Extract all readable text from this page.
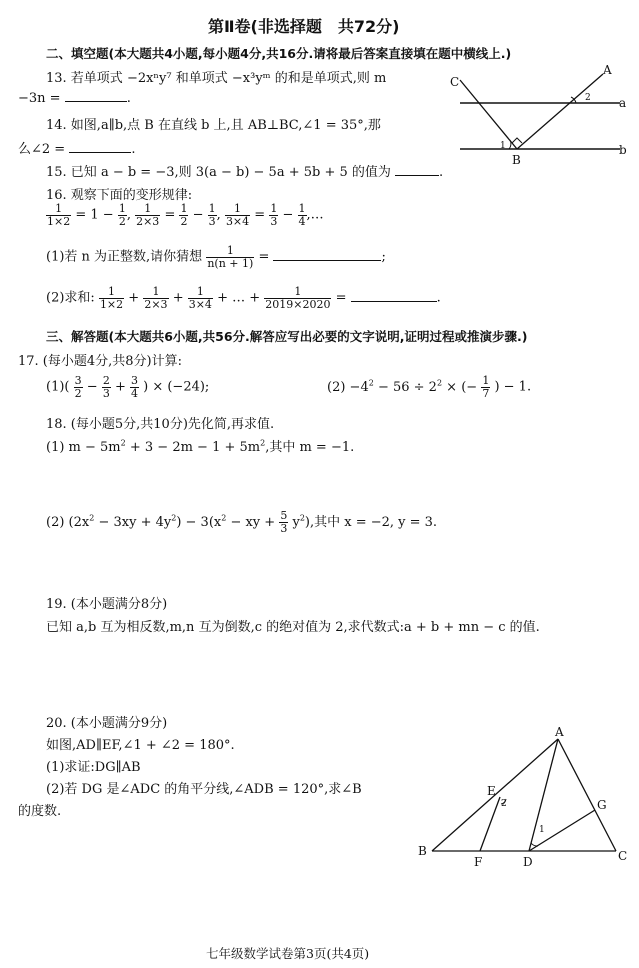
第Ⅱ卷(非选择题　共72分)
二、填空题(本大题共4小题,每小题4分,共16分.请将最后答案直接填在题中横线上.)
13. 若单项式 −2xⁿy⁷ 和单项式 −x³yᵐ 的和是单项式,则 m
−3n =	.
14. 如图,a∥b,点 B 在直线 b 上,且 AB⊥BC,∠1 = 35°,那
么∠2 =	.
15. 已知 a − b = −3,则 3(a − b) − 5a + 5b + 5 的值为	.
16. 观察下面的变形规律:
$\frac{1}{1\times 2} = 1 - \frac{1}{2}$ , $\frac{1}{2\times 3} = \frac{1}{2} - \frac{1}{3}$ , $\frac{1}{3\times 4} = \frac{1}{3} - \frac{1}{4}$ ,…
(1)若 n 为正整数,请你猜想 $\frac{1}{n(n + 1)}$ =	;
(2)求和: $\frac{1}{1\times 2} + \frac{1}{2\times 3} + \frac{1}{3\times 4}$ + … + $\frac{1}{2019\times 2020}$ =	.
三、解答题(本大题共6小题,共56分.解答应写出必要的文字说明,证明过程或推演步骤.)
17. (每小题4分,共8分)计算:
$(1)( \frac{3}{2} - \frac{2}{3} + \frac{3}{4}$ ) × (−24);	$(2) -4^2 - 56 \div 2^2$ × (− $\frac{1}{7}$ ) − 1.
18. (每小题5分,共10分)先化简,再求值.
(1) $m - 5m^2 + 3 - 2m - 1 + 5m^2$,其中 m = −1.
(2) $(2x^2 - 3xy + 4y^2) - 3(x^2$ − xy + $\frac{5}{3} y^2$),其中 x = −2, y = 3.
19. (本小题满分8分)
已知 a,b 互为相反数,m,n 互为倒数,c 的绝对值为 2,求代数式:a + b + mn − c 的值.
20. (本小题满分9分)
如图,AD∥EF,∠1 + ∠2 = 180°.
(1)求证:DG∥AB
(2)若 DG 是∠ADC 的角平分线,∠ADB = 120°,求∠B
的度数.
C
A
a
b
B
1
2
A
B	C
D
E
F
G
1
2
七年级数学试卷第3页(共4页)
